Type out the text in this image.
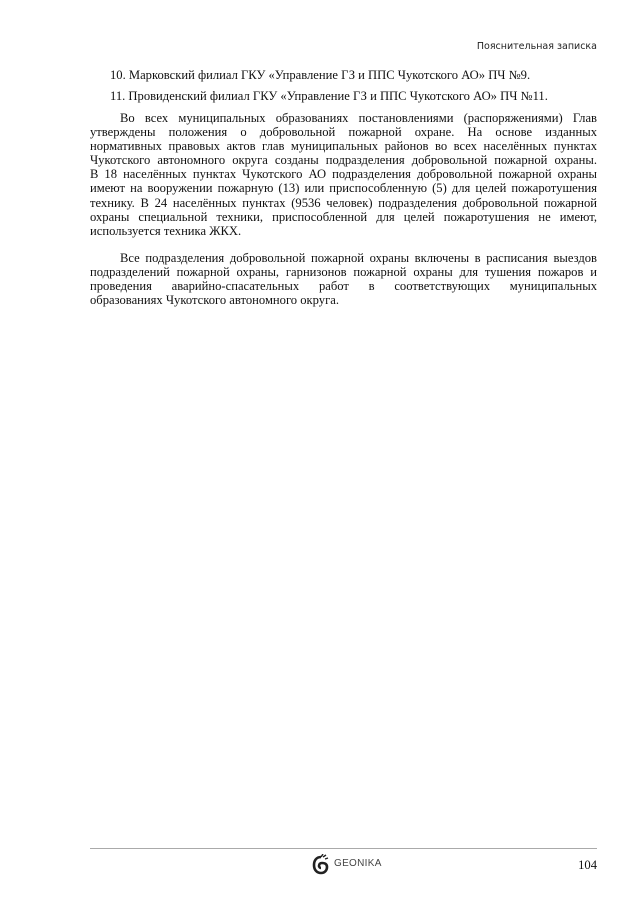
Пояснительная записка
10. Марковский филиал ГКУ «Управление ГЗ и ППС Чукотского АО» ПЧ №9.
11. Провиденский филиал ГКУ «Управление ГЗ и ППС Чукотского АО» ПЧ №11.
Во всех муниципальных образованиях постановлениями (распоряжениями) Глав
утверждены положения о добровольной пожарной охране. На основе изданных
нормативных правовых актов глав муниципальных районов во всех населённых пунктах
Чукотского автономного округа созданы подразделения добровольной пожарной охраны.
В 18 населённых пунктах Чукотского АО подразделения добровольной пожарной охраны
имеют на вооружении пожарную (13) или приспособленную (5) для целей пожаротушения
технику. В 24 населённых пунктах (9536 человек) подразделения добровольной пожарной
охраны специальной техники, приспособленной для целей пожаротушения не имеют,
используется техника ЖКХ.
Все подразделения добровольной пожарной охраны включены в расписания выездов
подразделений пожарной охраны, гарнизонов пожарной охраны для тушения пожаров и
проведения аварийно-спасательных работ в соответствующих муниципальных
образованиях Чукотского автономного округа.
GEONIKA	104
